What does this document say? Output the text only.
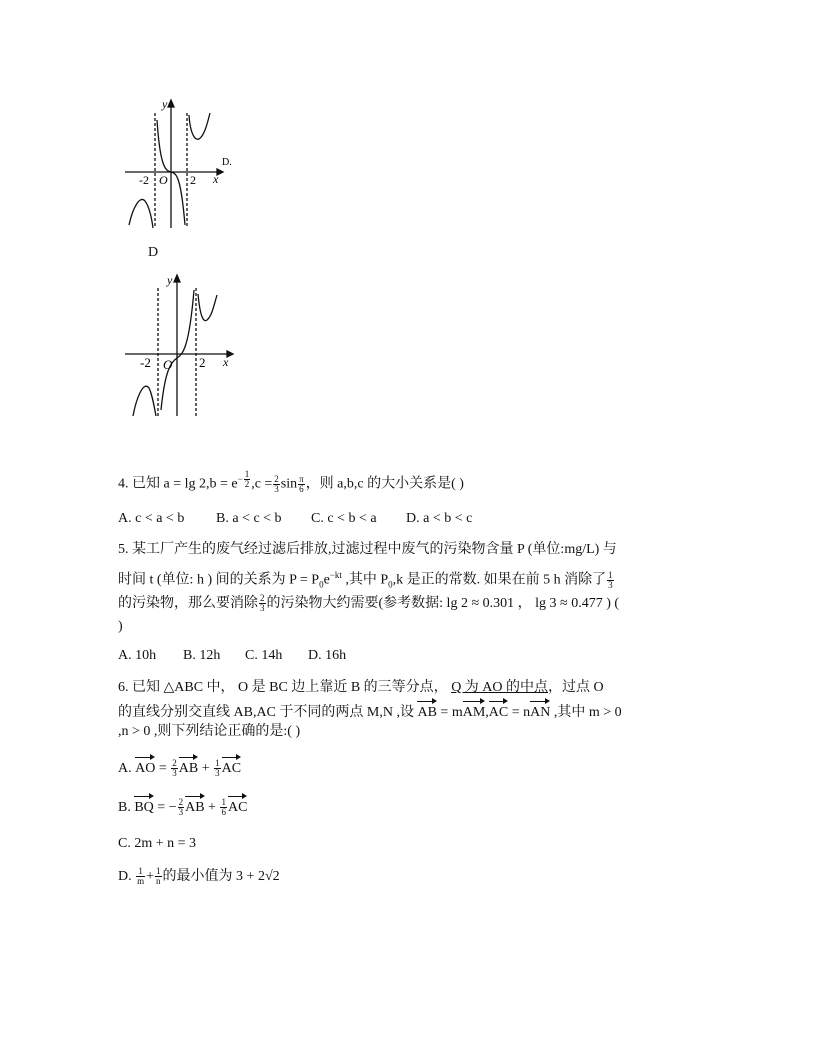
y
x
O
-2	2
D.
D
y
x
O
-2	2
4. 已知 $a = \lg 2,b = e^{- \frac{1}{2}}$ $,c = \frac{2}{3}$ $\sin \frac{\pi}{6}$ ，则 a,b,c 的大小关系是( )
A. c < a < b B. a < c < b C. c < b < a D. a < b < c
5. 某工厂产生的废气经过滤后排放,过滤过程中废气的污染物含量 P (单位:mg/L) 与
时间 t (单位: h ) 间的关系为 $P = P_0e^{-kt}$ ,其中 $P_0,k$ 是正的常数. 如果在前 5 h 消除了 $\frac{1}{3}$
的污染物，那么要消除 $\frac{2}{3}$ 的污染物大约需要(参考数据: lg 2 ≈ 0.301 ， lg 3 ≈ 0.477 ) (
)
A. 10h B. 12h C. 14h D. 16h
6. 已知 △ABC 中， O 是 BC 边上靠近 B 的三等分点， Q 为 AO 的中点，过点 O
的直线分别交直线 AB,AC 于不同的两点 M,N ,设 AB = mAM,AC = nAN ,其中 m > 0
,n > 0 ,则下列结论正确的是:( )
A. AO = $\frac{2}{3}$ AB + $\frac{1}{3}$ AC
B. BQ = − $\frac{2}{3}$ AB + $\frac{1}{6}$ AC
C. 2m + n = 3
D. $\frac{1}{m} + \frac{1}{n}$ 的最小值为 3 + 2√2
